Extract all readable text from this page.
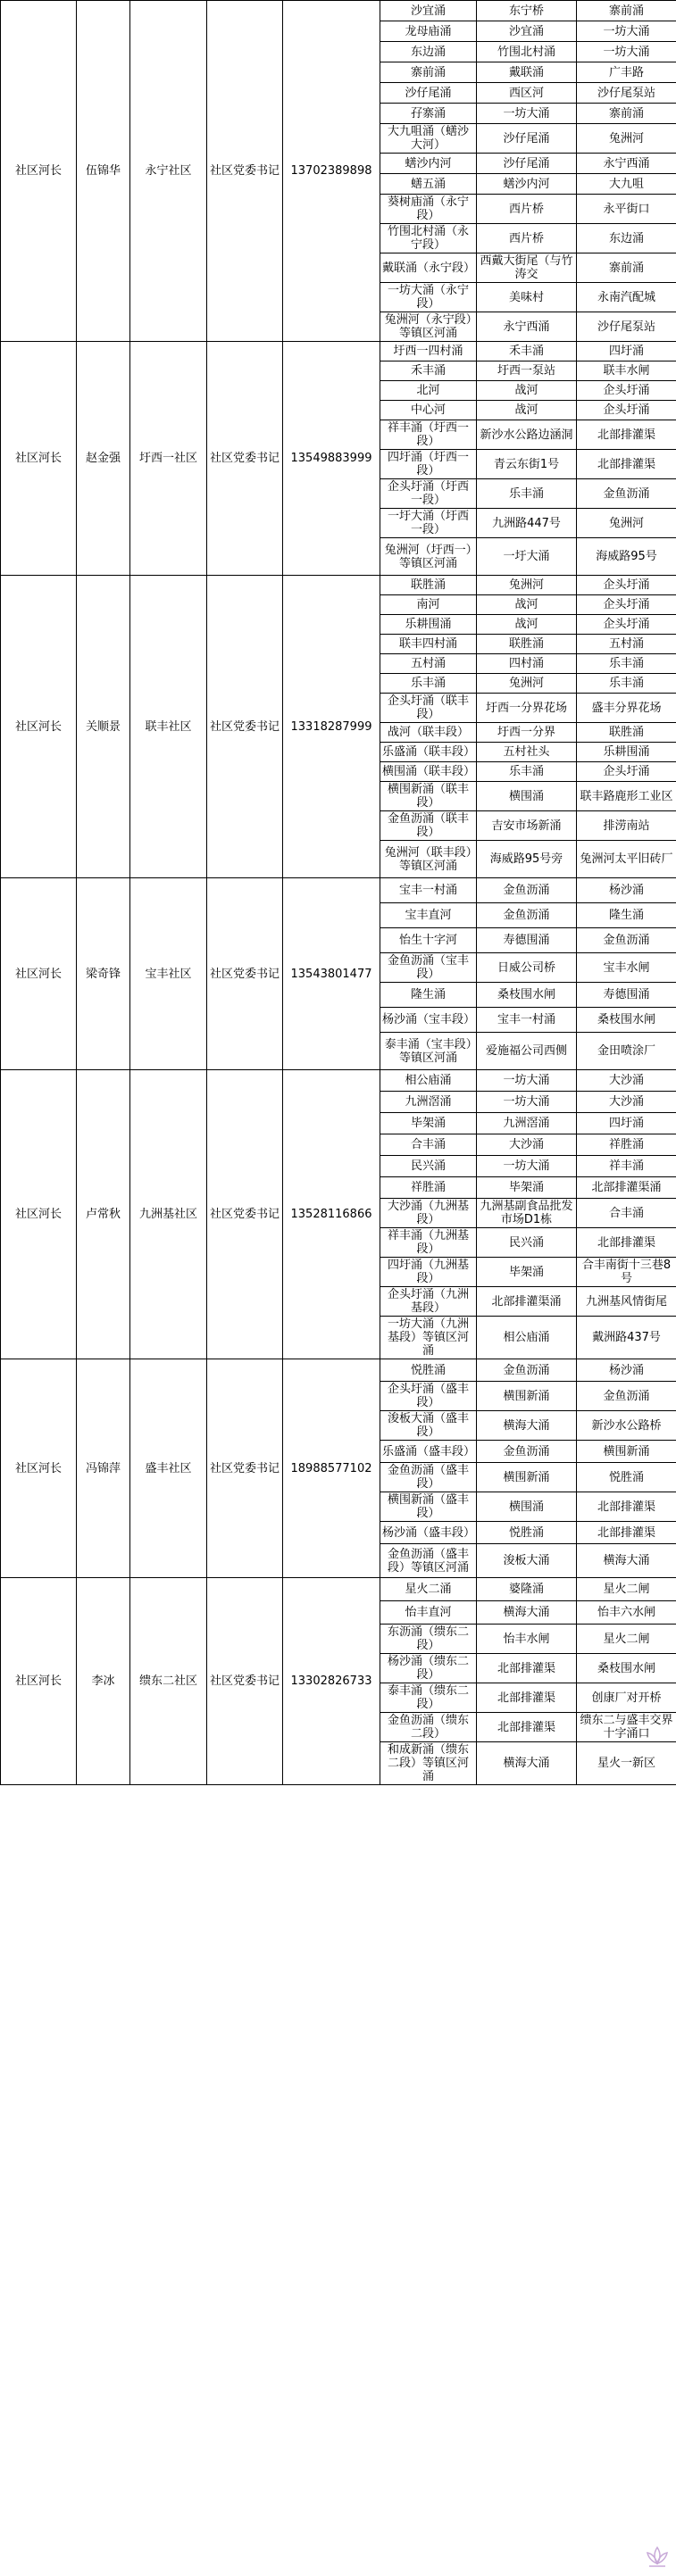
社区河长	伍锦华	永宁社区	社区党委书记	13702389898	沙宜涌	东宁桥	寨前涌
					龙母庙涌	沙宜涌	一坊大涌
					东边涌	竹围北村涌	一坊大涌
					寨前涌	戴联涌	广丰路
					沙仔尾涌	西区河	沙仔尾泵站
					孖寨涌	一坊大涌	寨前涌
					大九咀涌（蟮沙大河）	沙仔尾涌	兔洲河
					蟮沙内河	沙仔尾涌	永宁西涌
					蟮五涌	蟮沙内河	大九咀
					葵树庙涌（永宁段）	西片桥	永平街口
					竹围北村涌（永宁段）	西片桥	东边涌
					戴联涌（永宁段）	西戴大街尾（与竹涛交	寨前涌
					一坊大涌（永宁段）	美味村	永南汽配城
					兔洲河（永宁段）等镇区河涌	永宁西涌	沙仔尾泵站
社区河长	赵金强	圩西一社区	社区党委书记	13549883999	圩西一四村涌	禾丰涌	四圩涌
					禾丰涌	圩西一泵站	联丰水闸
					北河	战河	企头圩涌
					中心河	战河	企头圩涌
					祥丰涌（圩西一段）	新沙水公路边涵洞	北部排灌渠
					四圩涌（圩西一段）	青云东街1号	北部排灌渠
					企头圩涌（圩西一段）	乐丰涌	金鱼沥涌
					一圩大涌（圩西一段）	九洲路447号	兔洲河
					兔洲河（圩西一）等镇区河涌	一圩大涌	海威路95号
社区河长	关顺景	联丰社区	社区党委书记	13318287999	联胜涌	兔洲河	企头圩涌
					南河	战河	企头圩涌
					乐耕围涌	战河	企头圩涌
					联丰四村涌	联胜涌	五村涌
					五村涌	四村涌	乐丰涌
					乐丰涌	兔洲河	乐丰涌
					企头圩涌（联丰段）	圩西一分界花场	盛丰分界花场
					战河（联丰段）	圩西一分界	联胜涌
					乐盛涌（联丰段）	五村社头	乐耕围涌
					横围涌（联丰段）	乐丰涌	企头圩涌
					横围新涌（联丰段）	横围涌	联丰路鹿形工业区
					金鱼沥涌（联丰段）	吉安市场新涌	排涝南站
					兔洲河（联丰段）等镇区河涌	海威路95号旁	兔洲河太平旧砖厂
社区河长	梁奇锋	宝丰社区	社区党委书记	13543801477	宝丰一村涌	金鱼沥涌	杨沙涌
					宝丰直河	金鱼沥涌	隆生涌
					怡生十字河	寿德围涌	金鱼沥涌
					金鱼沥涌（宝丰段）	日威公司桥	宝丰水闸
					隆生涌	桑枝围水闸	寿德围涌
					杨沙涌（宝丰段）	宝丰一村涌	桑枝围水闸
					泰丰涌（宝丰段）等镇区河涌	爱施福公司西侧	金田喷涂厂
社区河长	卢常秋	九洲基社区	社区党委书记	13528116866	相公庙涌	一坊大涌	大沙涌
					九洲滘涌	一坊大涌	大沙涌
					毕架涌	九洲滘涌	四圩涌
					合丰涌	大沙涌	祥胜涌
					民兴涌	一坊大涌	祥丰涌
					祥胜涌	毕架涌	北部排灌渠涌
					大沙涌（九洲基段）	九洲基副食品批发市场D1栋	合丰涌
					祥丰涌（九洲基段）	民兴涌	北部排灌渠
					四圩涌（九洲基段）	毕架涌	合丰南街十三巷8号
					企头圩涌（九洲基段）	北部排灌渠涌	九洲基风情街尾
					一坊大涌（九洲基段）等镇区河涌	相公庙涌	戴洲路437号
社区河长	冯锦萍	盛丰社区	社区党委书记	18988577102	悦胜涌	金鱼沥涌	杨沙涌
					企头圩涌（盛丰段）	横围新涌	金鱼沥涌
					浚板大涌（盛丰段）	横海大涌	新沙水公路桥
					乐盛涌（盛丰段）	金鱼沥涌	横围新涌
					金鱼沥涌（盛丰段）	横围新涌	悦胜涌
					横围新涌（盛丰段）	横围涌	北部排灌渠
					杨沙涌（盛丰段）	悦胜涌	北部排灌渠
					金鱼沥涌（盛丰段）等镇区河涌	浚板大涌	横海大涌
社区河长	李冰	缋东二社区	社区党委书记	13302826733	星火二涌	婆隆涌	星火二闸
					怡丰直河	横海大涌	怡丰六水闸
					东沥涌（缋东二段）	怡丰水闸	星火二闸
					杨沙涌（缋东二段）	北部排灌渠	桑枝围水闸
					泰丰涌（缋东二段）	北部排灌渠	创康厂对开桥
					金鱼沥涌（缋东二段）	北部排灌渠	缋东二与盛丰交界十字涌口
					和成新涌（缋东二段）等镇区河涌	横海大涌	星火一新区
